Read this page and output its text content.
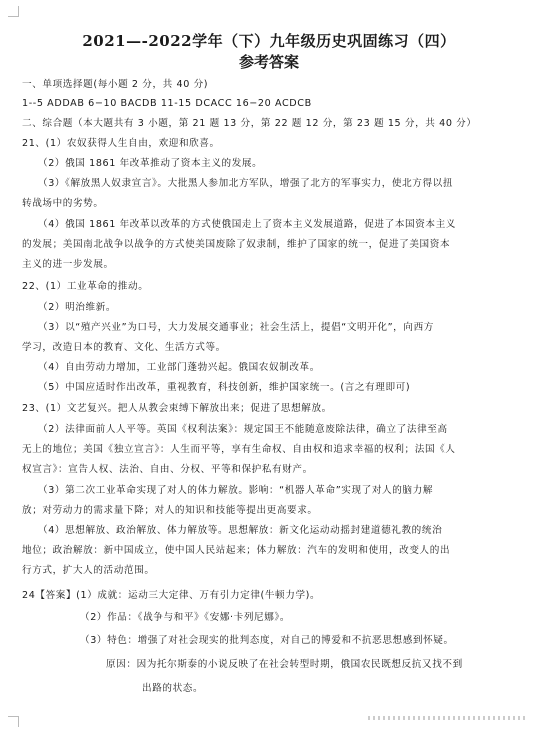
2021—-2022学年（下）九年级历史巩固练习（四）
参考答案
一、单项选择题(每小题 2 分，共 40 分)
1--5 ADDAB 6−10 BACDB 11-15 DCACC 16−20 ACDCB
二、综合题（本大题共有 3 小题，第 21 题 13 分，第 22 题 12 分，第 23 题 15 分，共 40 分）
21、(1）农奴获得人生自由，欢迎和欣喜。
（2）俄国 1861 年改革推动了资本主义的发展。
（3）《解放黑人奴隶宣言》。大批黑人参加北方军队，增强了北方的军事实力，使北方得以扭
转战场中的劣势。
（4）俄国 1861 年改革以改革的方式使俄国走上了资本主义发展道路，促进了本国资本主义
的发展；美国南北战争以战争的方式使美国废除了奴隶制，维护了国家的统一，促进了美国资本
主义的进一步发展。
22、(1）工业革命的推动。
（2）明治维新。
（3）以“殖产兴业”为口号，大力发展交通事业；社会生活上，提倡“文明开化”，向西方
学习，改造日本的教育、文化、生活方式等。
（4）自由劳动力增加，工业部门蓬勃兴起。俄国农奴制改革。
（5）中国应适时作出改革，重视教育，科技创新，维护国家统一。(言之有理即可)
23、(1）文艺复兴。把人从教会束缚下解放出来；促进了思想解放。
（2）法律面前人人平等。英国《权利法案》：规定国王不能随意废除法律，确立了法律至高
无上的地位；美国《独立宣言》：人生而平等，享有生命权、自由权和追求幸福的权利；法国《人
权宣言》：宣告人权、法治、自由、分权、平等和保护私有财产。
（3）第二次工业革命实现了对人的体力解放。影响：“机器人革命”实现了对人的脑力解
放；对劳动力的需求量下降；对人的知识和技能等提出更高要求。
（4）思想解放、政治解放、体力解放等。思想解放：新文化运动动摇封建道德礼教的统治
地位；政治解放：新中国成立，使中国人民站起来；体力解放：汽车的发明和使用，改变人的出
行方式，扩大人的活动范围。
24【答案】(1）成就：运动三大定律、万有引力定律(牛顿力学)。
（2）作品：《战争与和平》《安娜·卡列尼娜》。
（3）特色：增强了对社会现实的批判态度，对自己的博爱和不抗恶思想感到怀疑。
原因：因为托尔斯泰的小说反映了在社会转型时期，俄国农民既想反抗又找不到
出路的状态。
